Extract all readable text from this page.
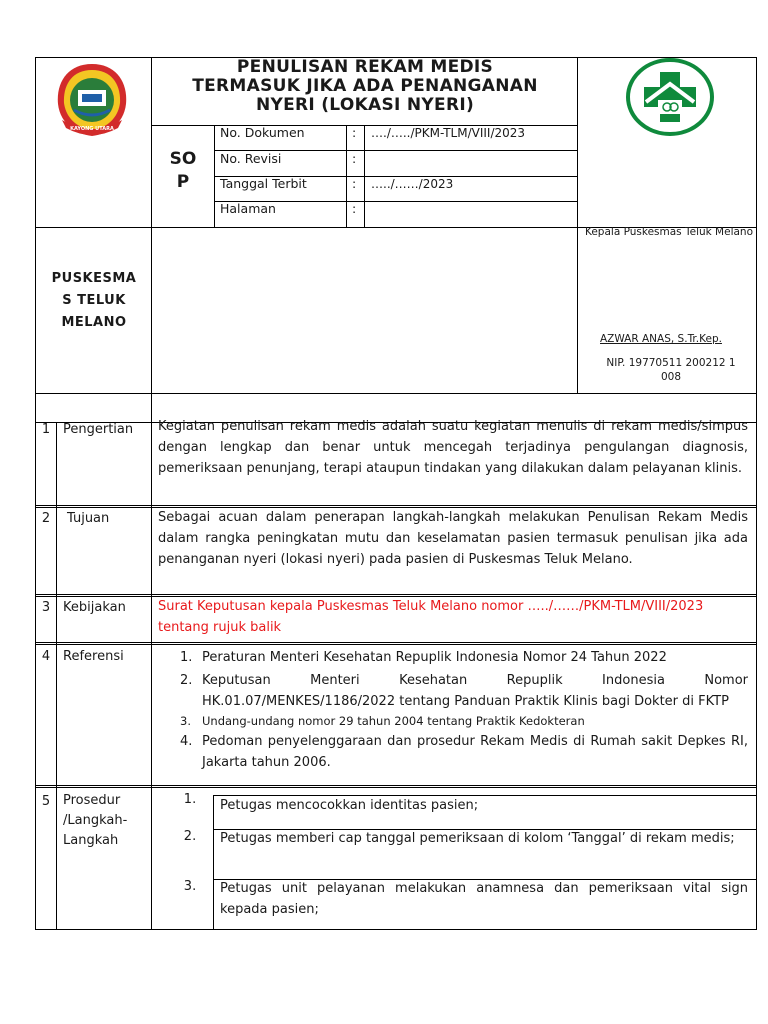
KAYONG UTARA
PENULISAN REKAM MEDIS
TERMASUK JIKA ADA PENANGANAN
NYERI (LOKASI NYERI)
SO
P
No. Dokumen	: …./…../PKM-TLM/VIII/2023
No. Revisi	:
Tanggal Terbit	: …../……/2023
Halaman	:
PUSKESMA
S TELUK
MELANO
Kepala Puskesmas Teluk Melano
AZWAR ANAS, S.Tr.Kep.
NIP. 19770511 200212 1
008
1 Pengertian	Kegiatan penulisan rekam medis adalah suatu kegiatan menulis di rekam medis/simpus dengan lengkap dan benar untuk mencegah terjadinya pengulangan diagnosis, pemeriksaan penunjang, terapi ataupun tindakan yang dilakukan dalam pelayanan klinis.
2	Tujuan	Sebagai acuan dalam penerapan langkah-langkah melakukan Penulisan Rekam Medis dalam rangka peningkatan mutu dan keselamatan pasien termasuk penulisan jika ada penanganan nyeri (lokasi nyeri) pada pasien di Puskesmas Teluk Melano.
3 Kebijakan	Surat Keputusan kepala Puskesmas Teluk Melano nomor …../……/PKM-TLM/VIII/2023 tentang rujuk balik
4 Referensi	1. Peraturan Menteri Kesehatan Repuplik Indonesia Nomor 24 Tahun 2022
2. Keputusan Menteri Kesehatan Repuplik Indonesia Nomor HK.01.07/MENKES/1186/2022 tentang Panduan Praktik Klinis bagi Dokter di FKTP
3. Undang-undang nomor 29 tahun 2004 tentang Praktik Kedokteran
4. Pedoman penyelenggaraan dan prosedur Rekam Medis di Rumah sakit Depkes RI, Jakarta tahun 2006.
5 Prosedur
/Langkah-
Langkah
1.	Petugas mencocokkan identitas pasien;
2.	Petugas memberi cap tanggal pemeriksaan di kolom ‘Tanggal’ di rekam medis;
3.	Petugas unit pelayanan melakukan anamnesa dan pemeriksaan vital sign kepada pasien;
